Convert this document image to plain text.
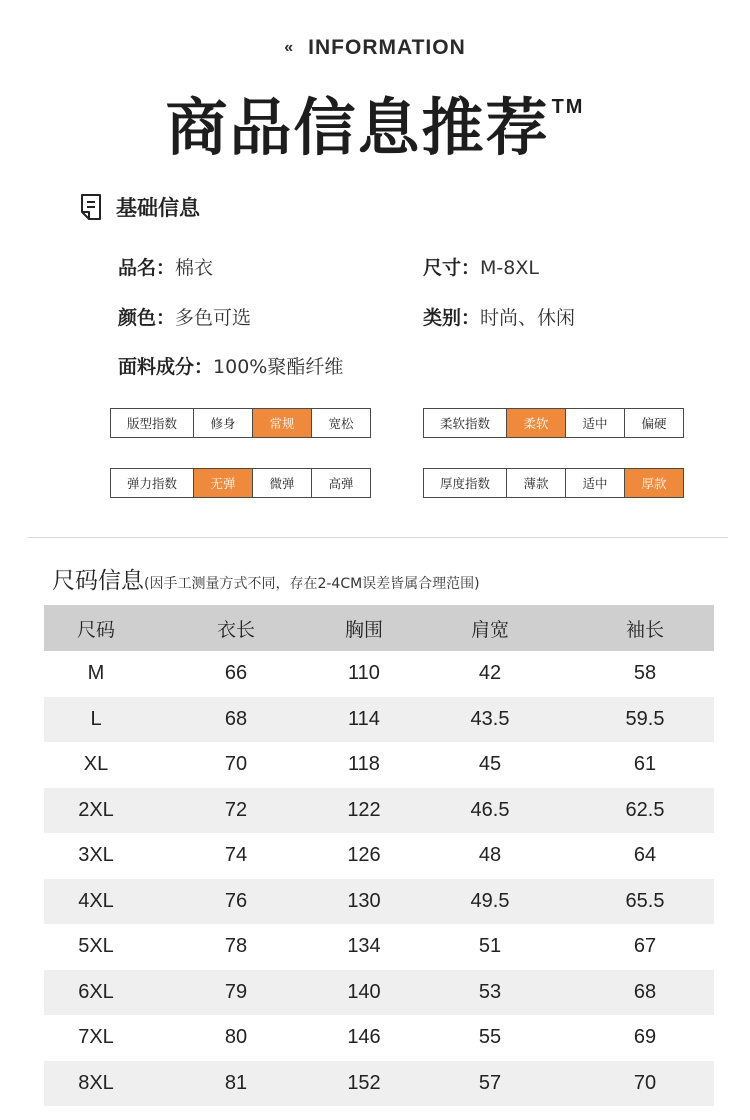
« INFORMATION
商品信息推荐 ™
基础信息
品名：棉衣	尺寸：M-8XL
颜色：多色可选	类别：时尚、休闲
面料成分：100%聚酯纤维
版型指数	修身	常规	宽松	柔软指数	柔软	适中	偏硬
弹力指数	无弹	微弹	高弹	厚度指数	薄款	适中	厚款
尺码信息(因手工测量方式不同，存在2-4CM误差皆属合理范围)
尺码	衣长	胸围	肩宽	袖长
M	66	110	42	58
L	68	114	43.5	59.5
XL	70	118	45	61
2XL	72	122	46.5	62.5
3XL	74	126	48	64
4XL	76	130	49.5	65.5
5XL	78	134	51	67
6XL	79	140	53	68
7XL	80	146	55	69
8XL	81	152	57	70
